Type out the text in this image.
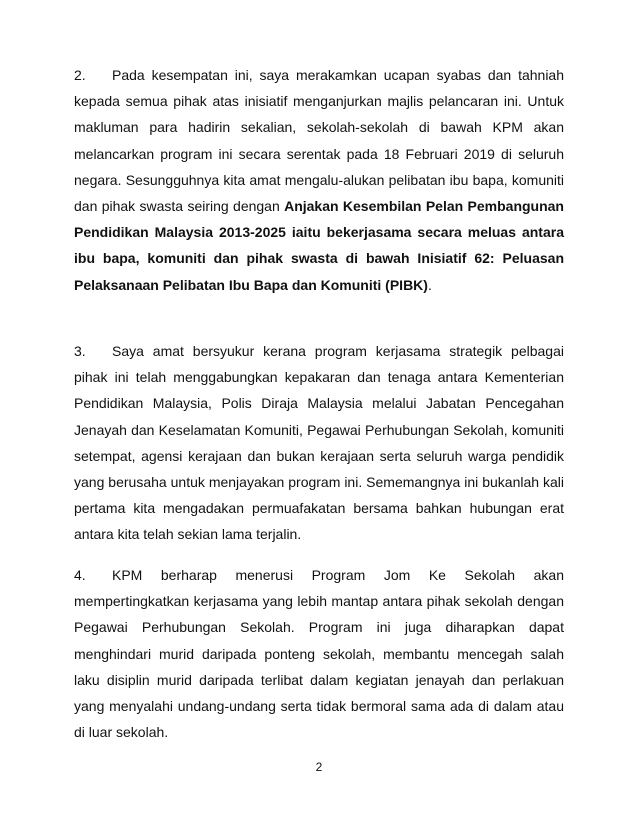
2. Pada kesempatan ini, saya merakamkan ucapan syabas dan tahniah kepada semua pihak atas inisiatif menganjurkan majlis pelancaran ini. Untuk makluman para hadirin sekalian, sekolah-sekolah di bawah KPM akan melancarkan program ini secara serentak pada 18 Februari 2019 di seluruh negara. Sesungguhnya kita amat mengalu-alukan pelibatan ibu bapa, komuniti dan pihak swasta seiring dengan Anjakan Kesembilan Pelan Pembangunan Pendidikan Malaysia 2013-2025 iaitu bekerjasama secara meluas antara ibu bapa, komuniti dan pihak swasta di bawah Inisiatif 62: Peluasan Pelaksanaan Pelibatan Ibu Bapa dan Komuniti (PIBK).

3. Saya amat bersyukur kerana program kerjasama strategik pelbagai pihak ini telah menggabungkan kepakaran dan tenaga antara Kementerian Pendidikan Malaysia, Polis Diraja Malaysia melalui Jabatan Pencegahan Jenayah dan Keselamatan Komuniti, Pegawai Perhubungan Sekolah, komuniti setempat, agensi kerajaan dan bukan kerajaan serta seluruh warga pendidik yang berusaha untuk menjayakan program ini. Sememangnya ini bukanlah kali pertama kita mengadakan permuafakatan bersama bahkan hubungan erat antara kita telah sekian lama terjalin.

4. KPM berharap menerusi Program Jom Ke Sekolah akan mempertingkatkan kerjasama yang lebih mantap antara pihak sekolah dengan Pegawai Perhubungan Sekolah. Program ini juga diharapkan dapat menghindari murid daripada ponteng sekolah, membantu mencegah salah laku disiplin murid daripada terlibat dalam kegiatan jenayah dan perlakuan yang menyalahi undang-undang serta tidak bermoral sama ada di dalam atau di luar sekolah.

2
